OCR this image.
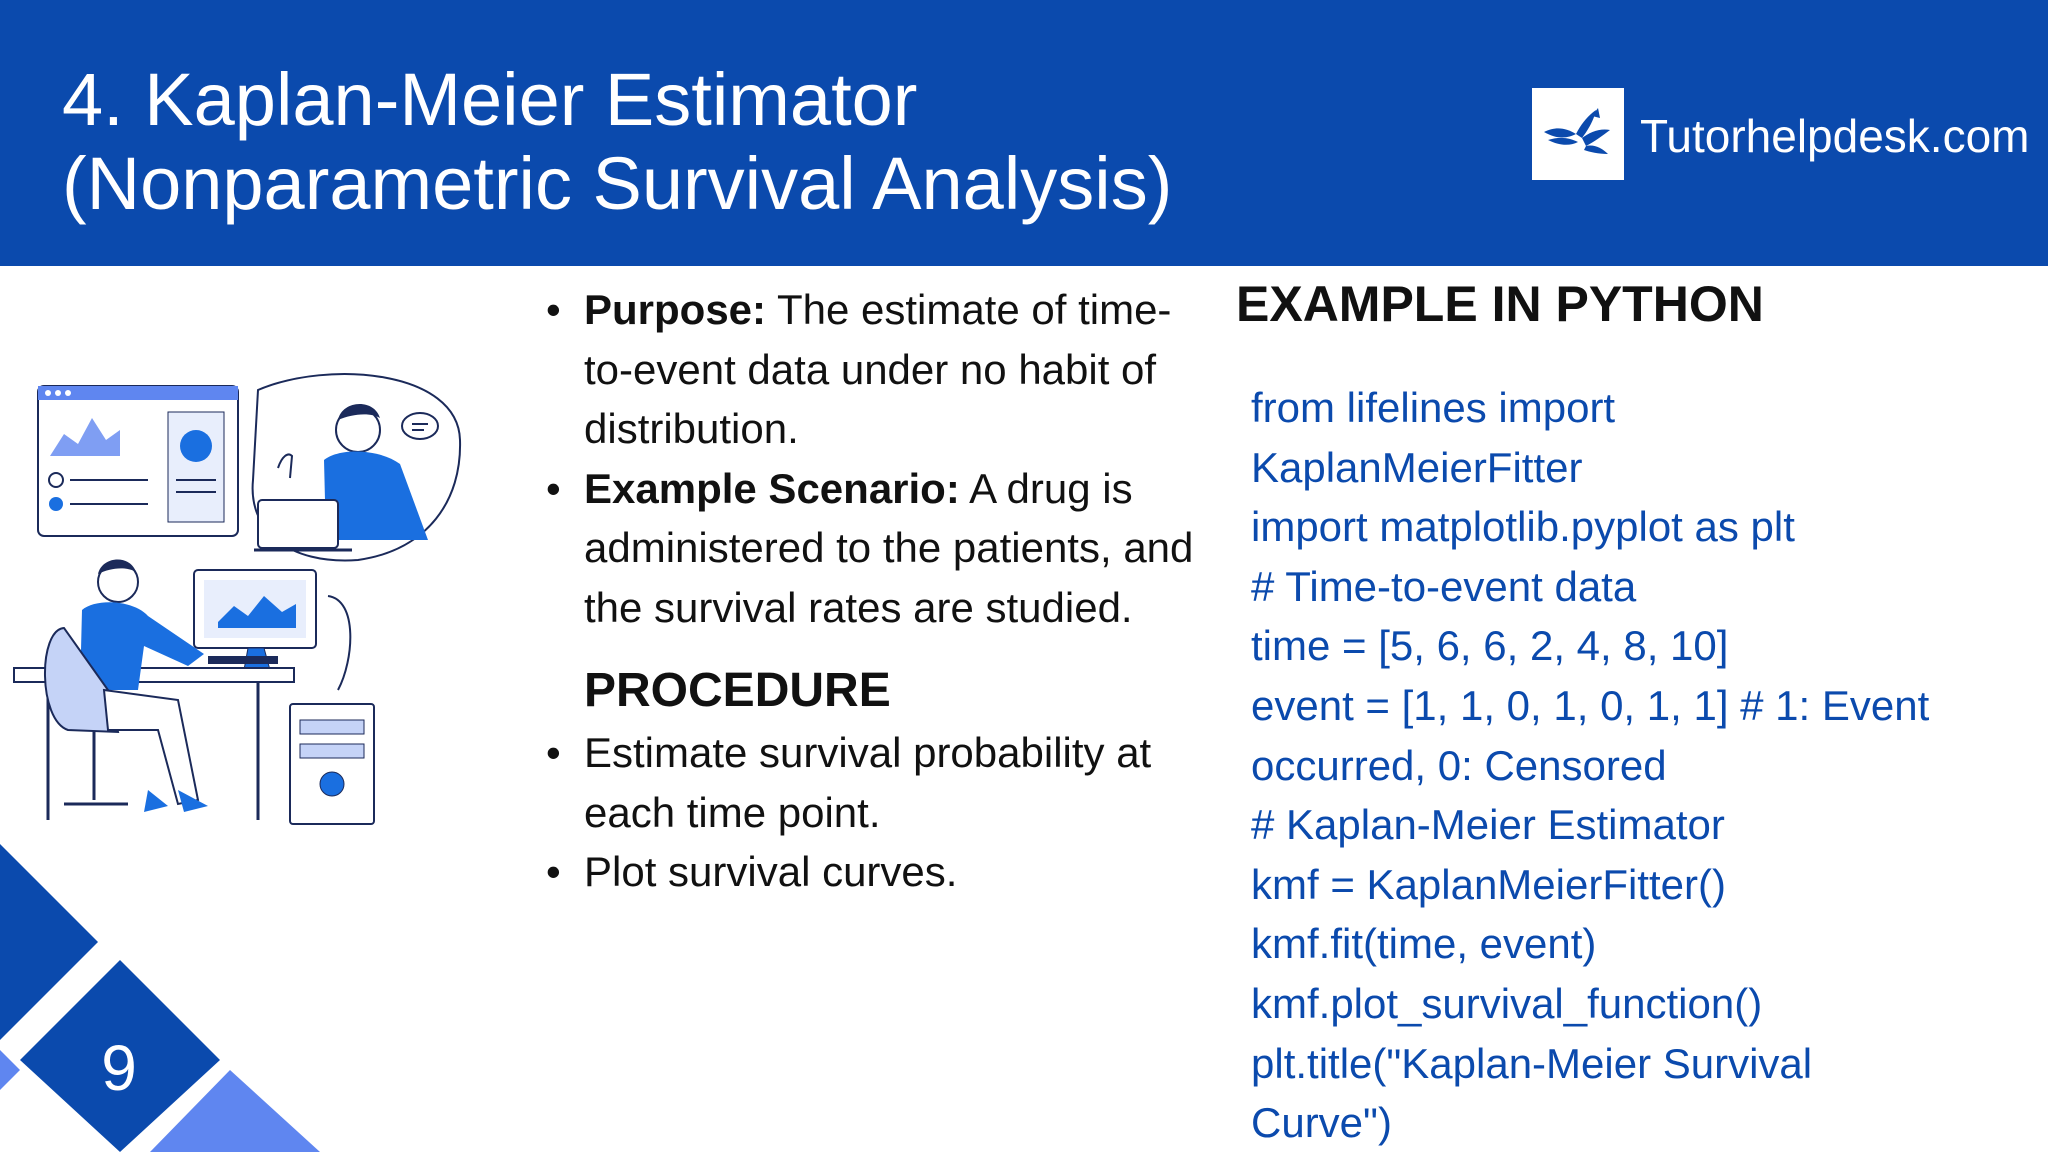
4. Kaplan-Meier Estimator
(Nonparametric Survival Analysis)
Tutorhelpdesk.com
9
• Purpose: The estimate of time-to-event data under no habit of distribution.
• Example Scenario: A drug is administered to the patients, and the survival rates are studied.
PROCEDURE
• Estimate survival probability at each time point.
• Plot survival curves.
EXAMPLE IN PYTHON
from lifelines import
KaplanMeierFitter
import matplotlib.pyplot as plt
# Time-to-event data
time = [5, 6, 6, 2, 4, 8, 10]
event = [1, 1, 0, 1, 0, 1, 1] # 1: Event
occurred, 0: Censored
# Kaplan-Meier Estimator
kmf = KaplanMeierFitter()
kmf.fit(time, event)
kmf.plot_survival_function()
plt.title("Kaplan-Meier Survival
Curve")
